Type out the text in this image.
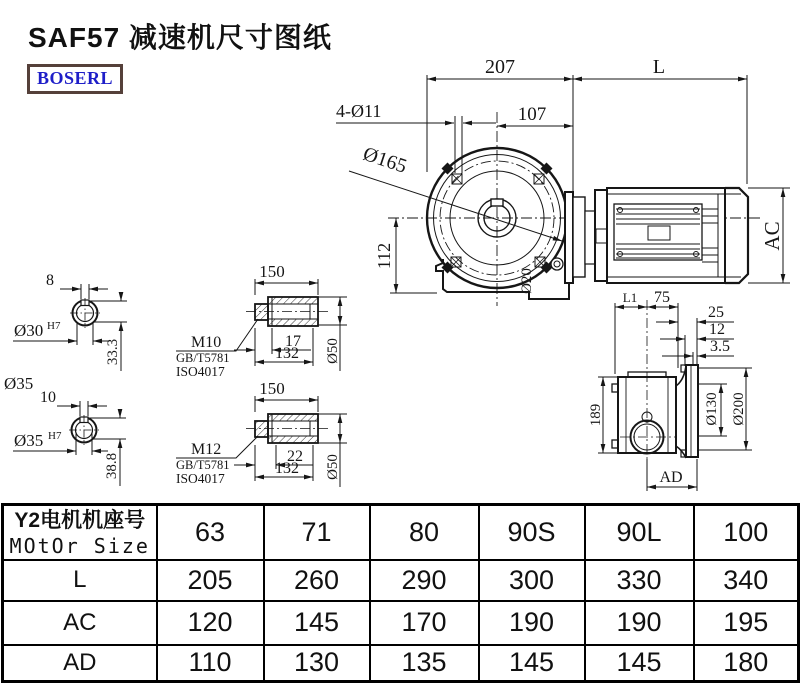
SAF57 减速机尺寸图纸
BOSERL	207	L
107
4-Ø11
Ø165
112
AC
Ø20
8
Ø30 H7
33.3
Ø35
10
Ø35 H7
38.8
150
M10
GB/T5781
ISO4017
17
132 Ø50
150
M12
GB/T5781
ISO4017
22
132 Ø50
L1 75
25
12
3.5
189	Ø130 Ø200
AD
Y2电机机座号
MOtOr Size	63	71	80	90S	90L	100
L	205	260	290	300	330	340
AC	120	145	170	190	190	195
AD	110	130	135	145	145	180
